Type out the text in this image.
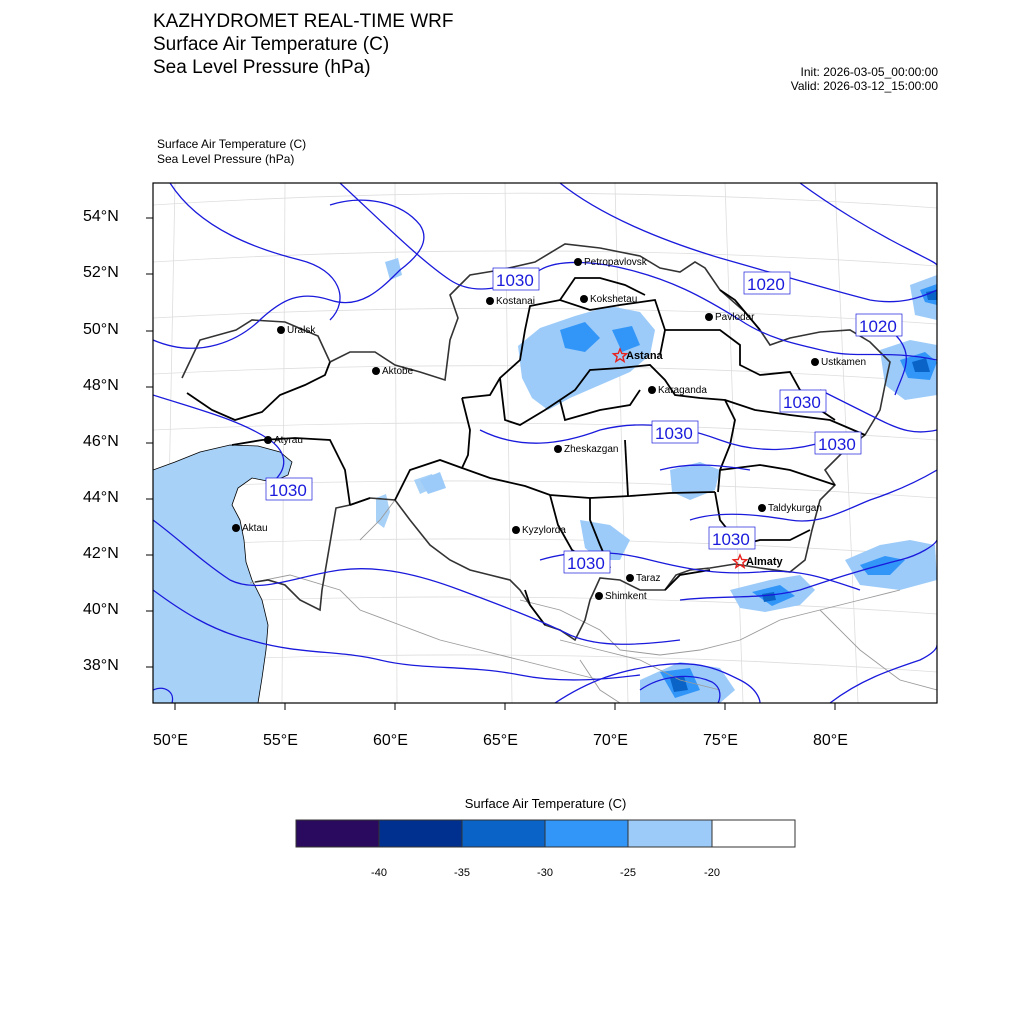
KAZHYDROMET REAL-TIME WRF
Surface Air Temperature (C)
Sea Level Pressure (hPa)	Init: 2026-03-05_00:00:00
Valid: 2026-03-12_15:00:00
Surface Air Temperature (C)
Sea Level Pressure (hPa)
1030	1020
1020
1030
1030
1030
1030
1030
1030
Petropavlovsk
Kostanai	Kokshetau
Pavlodar
Uralsk
Astana
Aktobe
Ustkamen
Karaganda
Atyrau
Zheskazgan
Taldykurgan
Kyzylorda
Aktau
Almaty
Taraz
Shimkent
54°N
52°N
50°N
48°N
46°N
44°N
42°N
40°N
38°N
50°E	55°E	60°E	65°E	70°E	75°E	80°E
Surface Air Temperature (C)
-40	-35	-30	-25	-20
